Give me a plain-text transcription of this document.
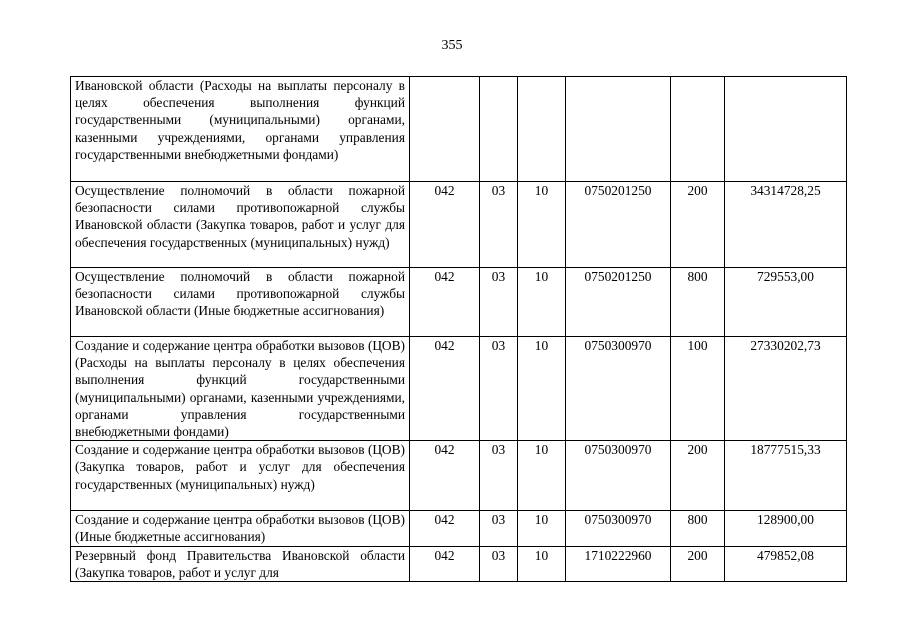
355
Ивановской области (Расходы на выплаты персоналу в целях обеспечения выполнения функций государственными (муниципальными) органами, казенными учреждениями, органами управления государственными внебюджетными фондами)						
Осуществление полномочий в области пожарной безопасности силами противопожарной службы Ивановской области (Закупка товаров, работ и услуг для обеспечения государственных (муниципальных) нужд)	042	03	10	0750201250	200	34314728,25
Осуществление полномочий в области пожарной безопасности силами противопожарной службы Ивановской области (Иные бюджетные ассигнования)	042	03	10	0750201250	800	729553,00
Создание и содержание центра обработки вызовов (ЦОВ) (Расходы на выплаты персоналу в целях обеспечения выполнения функций государственными (муниципальными) органами, казенными учреждениями, органами управления государственными внебюджетными фондами)	042	03	10	0750300970	100	27330202,73
Создание и содержание центра обработки вызовов (ЦОВ) (Закупка товаров, работ и услуг для обеспечения государственных (муниципальных) нужд)	042	03	10	0750300970	200	18777515,33
Создание и содержание центра обработки вызовов (ЦОВ) (Иные бюджетные ассигнования)	042	03	10	0750300970	800	128900,00
Резервный фонд Правительства Ивановской области (Закупка товаров, работ и услуг для	042	03	10	1710222960	200	479852,08
